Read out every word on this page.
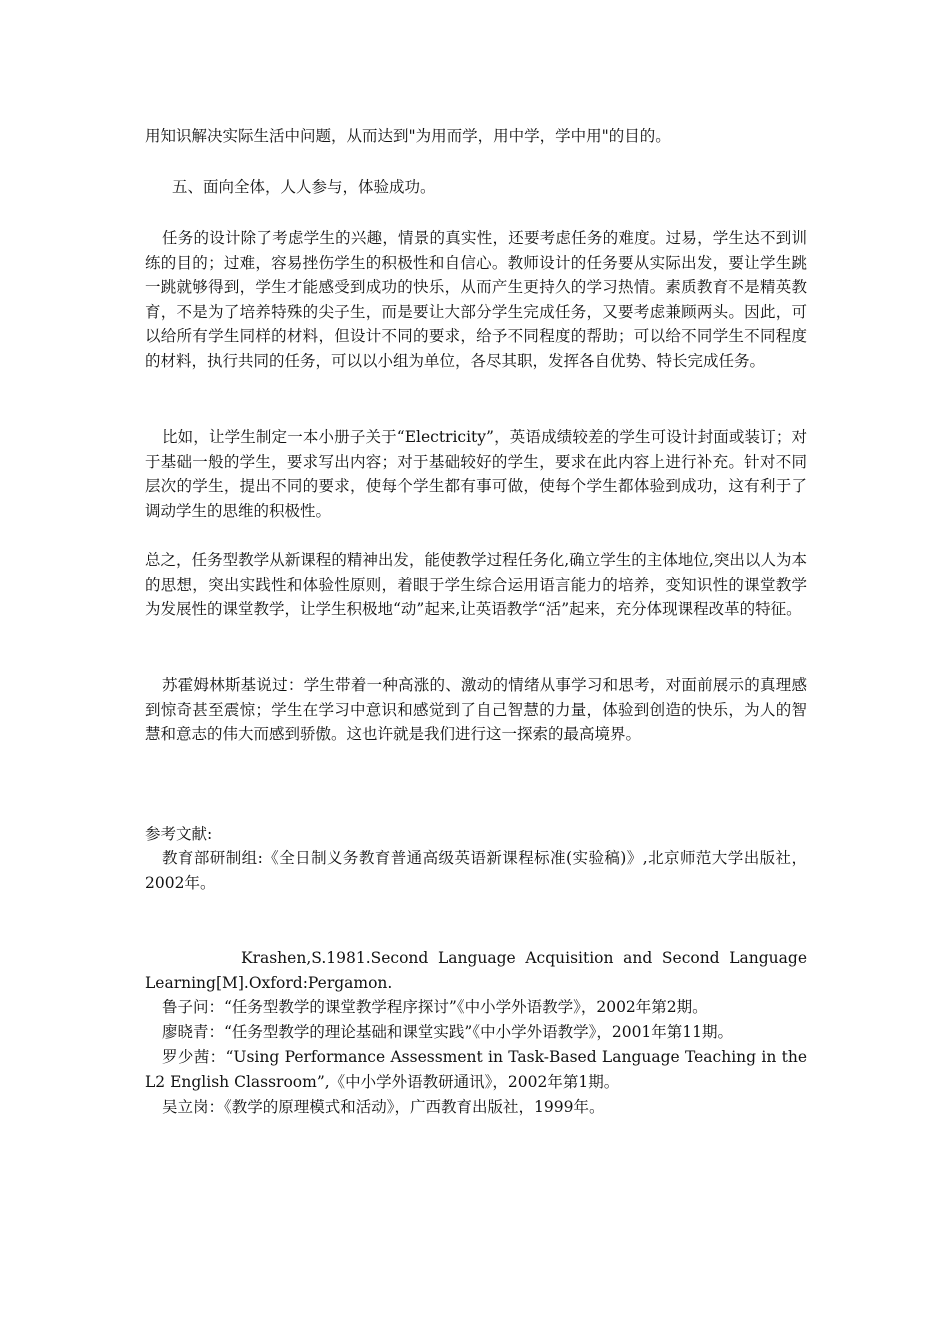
用知识解决实际生活中问题，从而达到"为用而学，用中学，学中用"的目的。
五、面向全体，人人参与，体验成功。
任务的设计除了考虑学生的兴趣，情景的真实性，还要考虑任务的难度。过易，学生达不到训练的目的；过难，容易挫伤学生的积极性和自信心。教师设计的任务要从实际出发，要让学生跳一跳就够得到，学生才能感受到成功的快乐，从而产生更持久的学习热情。素质教育不是精英教育，不是为了培养特殊的尖子生，而是要让大部分学生完成任务，又要考虑兼顾两头。因此，可以给所有学生同样的材料，但设计不同的要求，给予不同程度的帮助；可以给不同学生不同程度的材料，执行共同的任务，可以以小组为单位，各尽其职，发挥各自优势、特长完成任务。
比如，让学生制定一本小册子关于“Electricity”，英语成绩较差的学生可设计封面或装订；对于基础一般的学生，要求写出内容；对于基础较好的学生，要求在此内容上进行补充。针对不同层次的学生，提出不同的要求，使每个学生都有事可做，使每个学生都体验到成功，这有利于了调动学生的思维的积极性。
总之，任务型教学从新课程的精神出发，能使教学过程任务化,确立学生的主体地位,突出以人为本的思想，突出实践性和体验性原则，着眼于学生综合运用语言能力的培养，变知识性的课堂教学为发展性的课堂教学，让学生积极地“动”起来,让英语教学“活”起来，充分体现课程改革的特征。
苏霍姆林斯基说过：学生带着一种高涨的、激动的情绪从事学习和思考，对面前展示的真理感到惊奇甚至震惊；学生在学习中意识和感觉到了自己智慧的力量，体验到创造的快乐，为人的智慧和意志的伟大而感到骄傲。这也许就是我们进行这一探索的最高境界。
参考文献:
教育部研制组:《全日制义务教育普通高级英语新课程标准(实验稿)》,北京师范大学出版社，2002年。
Krashen,S.1981.Second Language Acquisition and Second Language Learning[M].Oxford:Pergamon.
鲁子问：“任务型教学的课堂教学程序探讨”《中小学外语教学》，2002年第2期。
廖晓青：“任务型教学的理论基础和课堂实践”《中小学外语教学》，2001年第11期。
罗少茜：“Using Performance Assessment in Task-Based Language Teaching in the L2 English Classroom”,《中小学外语教研通讯》，2002年第1期。
吴立岗：《教学的原理模式和活动》，广西教育出版社，1999年。
